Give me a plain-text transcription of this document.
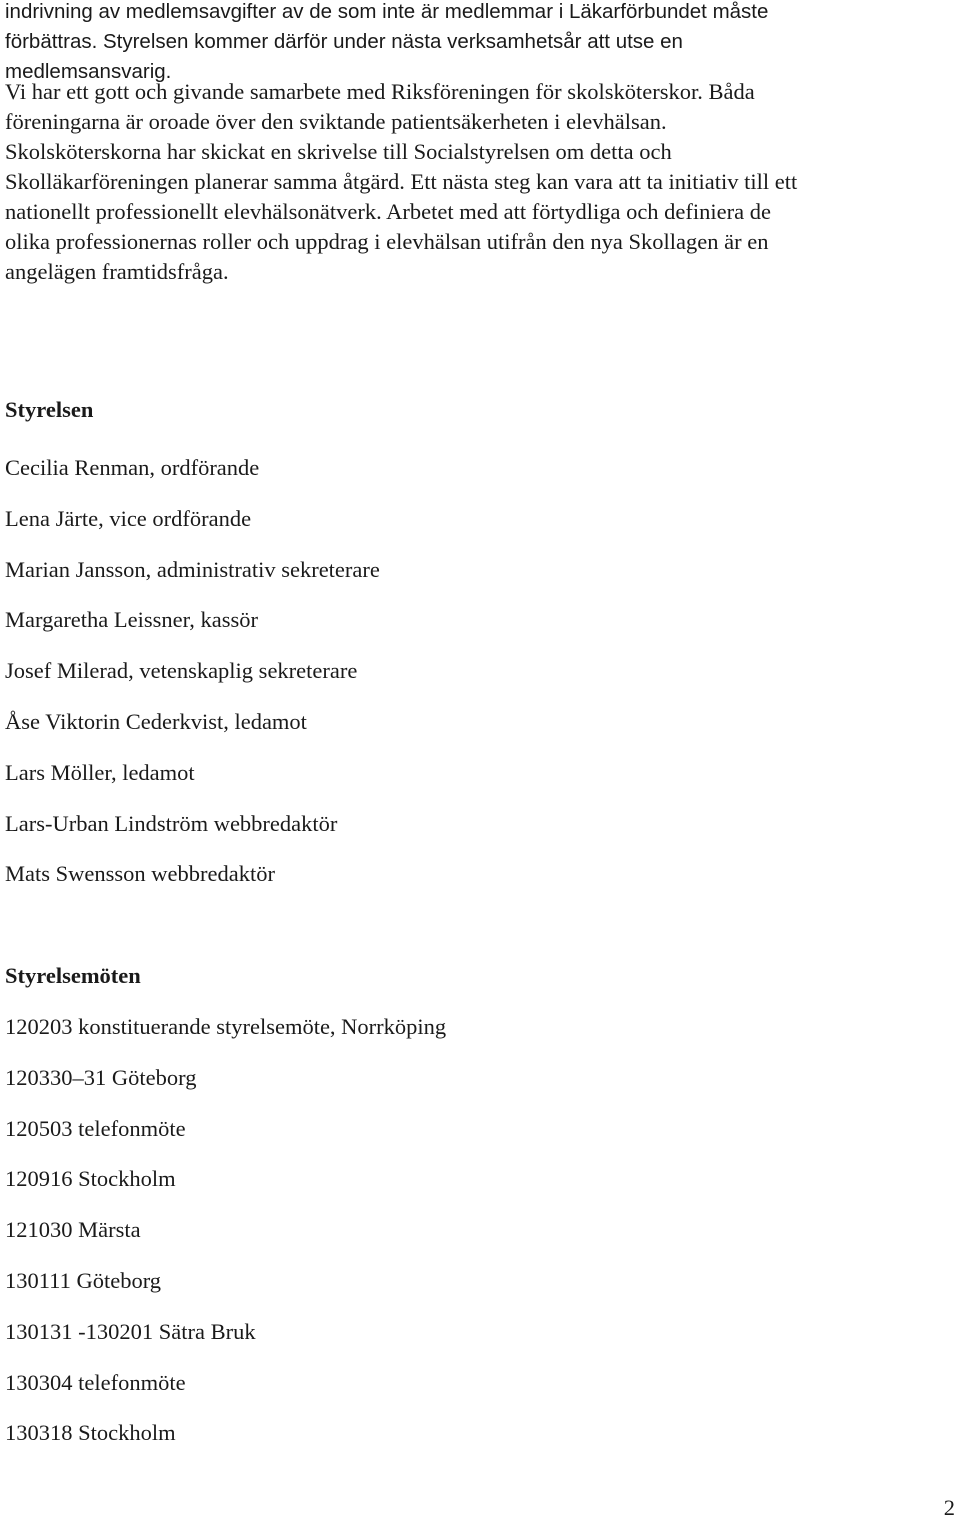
indrivning av medlemsavgifter av de som inte är medlemmar i Läkarförbundet måste
förbättras. Styrelsen kommer därför under nästa verksamhetsår att utse en
medlemsansvarig.

Vi har ett gott och givande samarbete med Riksföreningen för skolsköterskor. Båda
föreningarna är oroade över den sviktande patientsäkerheten i elevhälsan.
Skolsköterskorna har skickat en skrivelse till Socialstyrelsen om detta och
Skolläkarföreningen planerar samma åtgärd. Ett nästa steg kan vara att ta initiativ till ett
nationellt professionellt elevhälsonätverk. Arbetet med att förtydliga och definiera de
olika professionernas roller och uppdrag i elevhälsan utifrån den nya Skollagen är en
angelägen framtidsfråga.

Styrelsen
Cecilia Renman, ordförande
Lena Järte, vice ordförande
Marian Jansson, administrativ sekreterare
Margaretha Leissner, kassör
Josef Milerad, vetenskaplig sekreterare
Åse Viktorin Cederkvist, ledamot
Lars Möller, ledamot
Lars-Urban Lindström webbredaktör
Mats Swensson webbredaktör
Styrelsemöten
120203 konstituerande styrelsemöte, Norrköping
120330–31 Göteborg
120503 telefonmöte
120916 Stockholm
121030 Märsta
130111 Göteborg
130131 -130201 Sätra Bruk
130304 telefonmöte
130318 Stockholm
2
